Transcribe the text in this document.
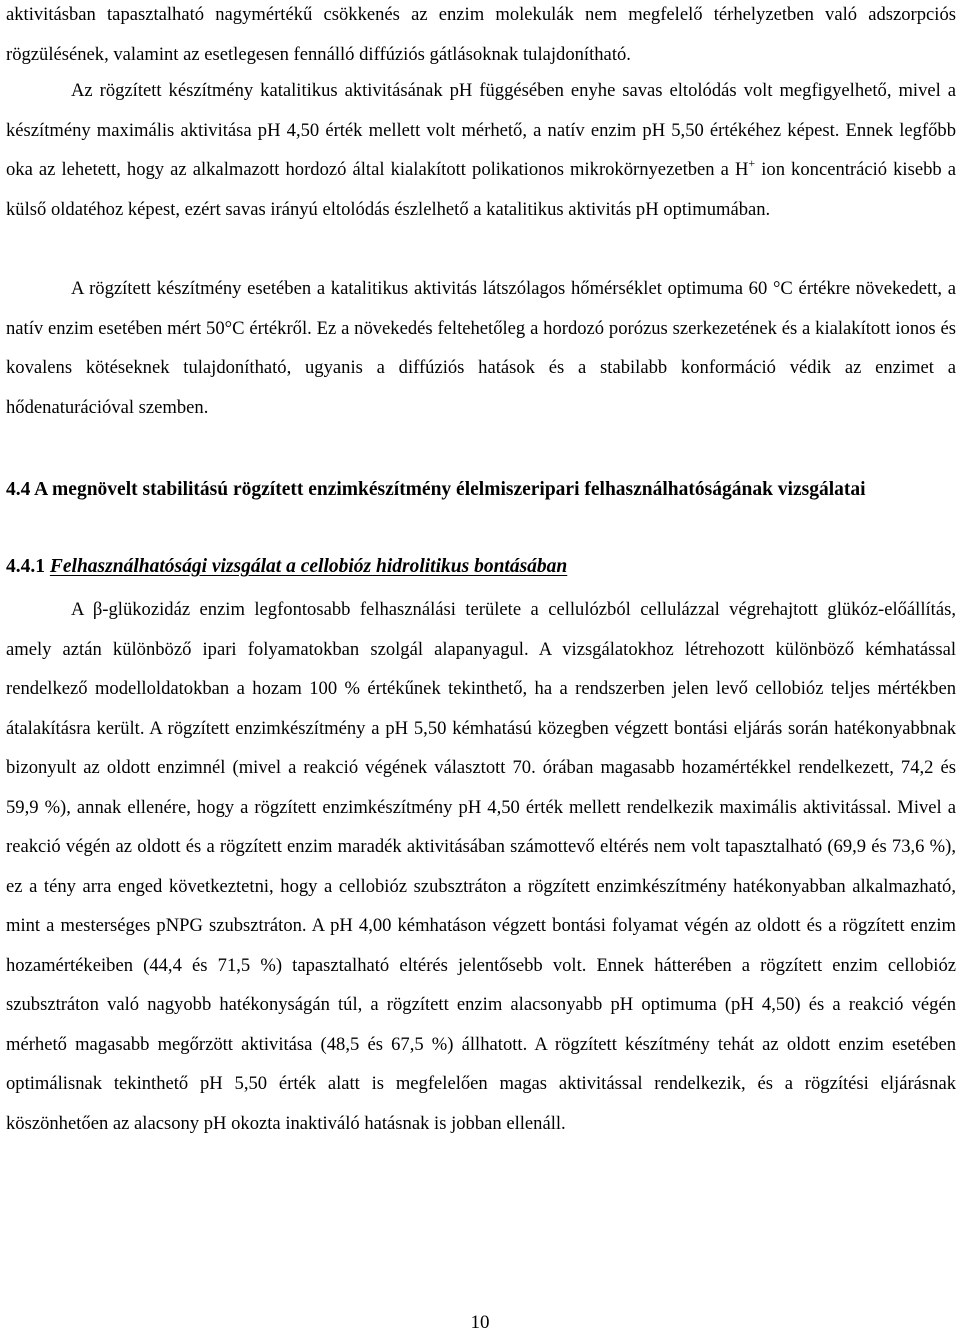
aktivitásban tapasztalható nagymértékű csökkenés az enzim molekulák nem megfelelő térhelyzetben való adszorpciós rögzülésének, valamint az esetlegesen fennálló diffúziós gátlásoknak tulajdonítható.

Az rögzített készítmény katalitikus aktivitásának pH függésében enyhe savas eltolódás volt megfigyelhető, mivel a készítmény maximális aktivitása pH 4,50 érték mellett volt mérhető, a natív enzim pH 5,50 értékéhez képest. Ennek legfőbb oka az lehetett, hogy az alkalmazott hordozó által kialakított polikationos mikrokörnyezetben a H+ ion koncentráció kisebb a külső oldatéhoz képest, ezért savas irányú eltolódás észlelhető a katalitikus aktivitás pH optimumában.

A rögzített készítmény esetében a katalitikus aktivitás látszólagos hőmérséklet optimuma 60 °C értékre növekedett, a natív enzim esetében mért 50°C értékről. Ez a növekedés feltehetőleg a hordozó porózus szerkezetének és a kialakított ionos és kovalens kötéseknek tulajdonítható, ugyanis a diffúziós hatások és a stabilabb konformáció védik az enzimet a hődenaturációval szemben.

4.4 A megnövelt stabilitású rögzített enzimkészítmény élelmiszeripari felhasználhatóságának vizsgálatai
4.4.1 Felhasználhatósági vizsgálat a cellobióz hidrolitikus bontásában

A β-glükozidáz enzim legfontosabb felhasználási területe a cellulózból cellulázzal végrehajtott glükóz-előállítás, amely aztán különböző ipari folyamatokban szolgál alapanyagul. A vizsgálatokhoz létrehozott különböző kémhatással rendelkező modelloldatokban a hozam 100 % értékűnek tekinthető, ha a rendszerben jelen levő cellobióz teljes mértékben átalakításra került. A rögzített enzimkészítmény a pH 5,50 kémhatású közegben végzett bontási eljárás során hatékonyabbnak bizonyult az oldott enzimnél (mivel a reakció végének választott 70. órában magasabb hozamértékkel rendelkezett, 74,2 és 59,9 %), annak ellenére, hogy a rögzített enzimkészítmény pH 4,50 érték mellett rendelkezik maximális aktivitással. Mivel a reakció végén az oldott és a rögzített enzim maradék aktivitásában számottevő eltérés nem volt tapasztalható (69,9 és 73,6 %), ez a tény arra enged következtetni, hogy a cellobióz szubsztráton a rögzített enzimkészítmény hatékonyabban alkalmazható, mint a mesterséges pNPG szubsztráton. A pH 4,00 kémhatáson végzett bontási folyamat végén az oldott és a rögzített enzim hozamértékeiben (44,4 és 71,5 %) tapasztalható eltérés jelentősebb volt. Ennek hátterében a rögzített enzim cellobióz szubsztráton való nagyobb hatékonyságán túl, a rögzített enzim alacsonyabb pH optimuma (pH 4,50) és a reakció végén mérhető magasabb megőrzött aktivitása (48,5 és 67,5 %) állhatott. A rögzített készítmény tehát az oldott enzim esetében optimálisnak tekinthető pH 5,50 érték alatt is megfelelően magas aktivitással rendelkezik, és a rögzítési eljárásnak köszönhetően az alacsony pH okozta inaktiváló hatásnak is jobban ellenáll.

10
